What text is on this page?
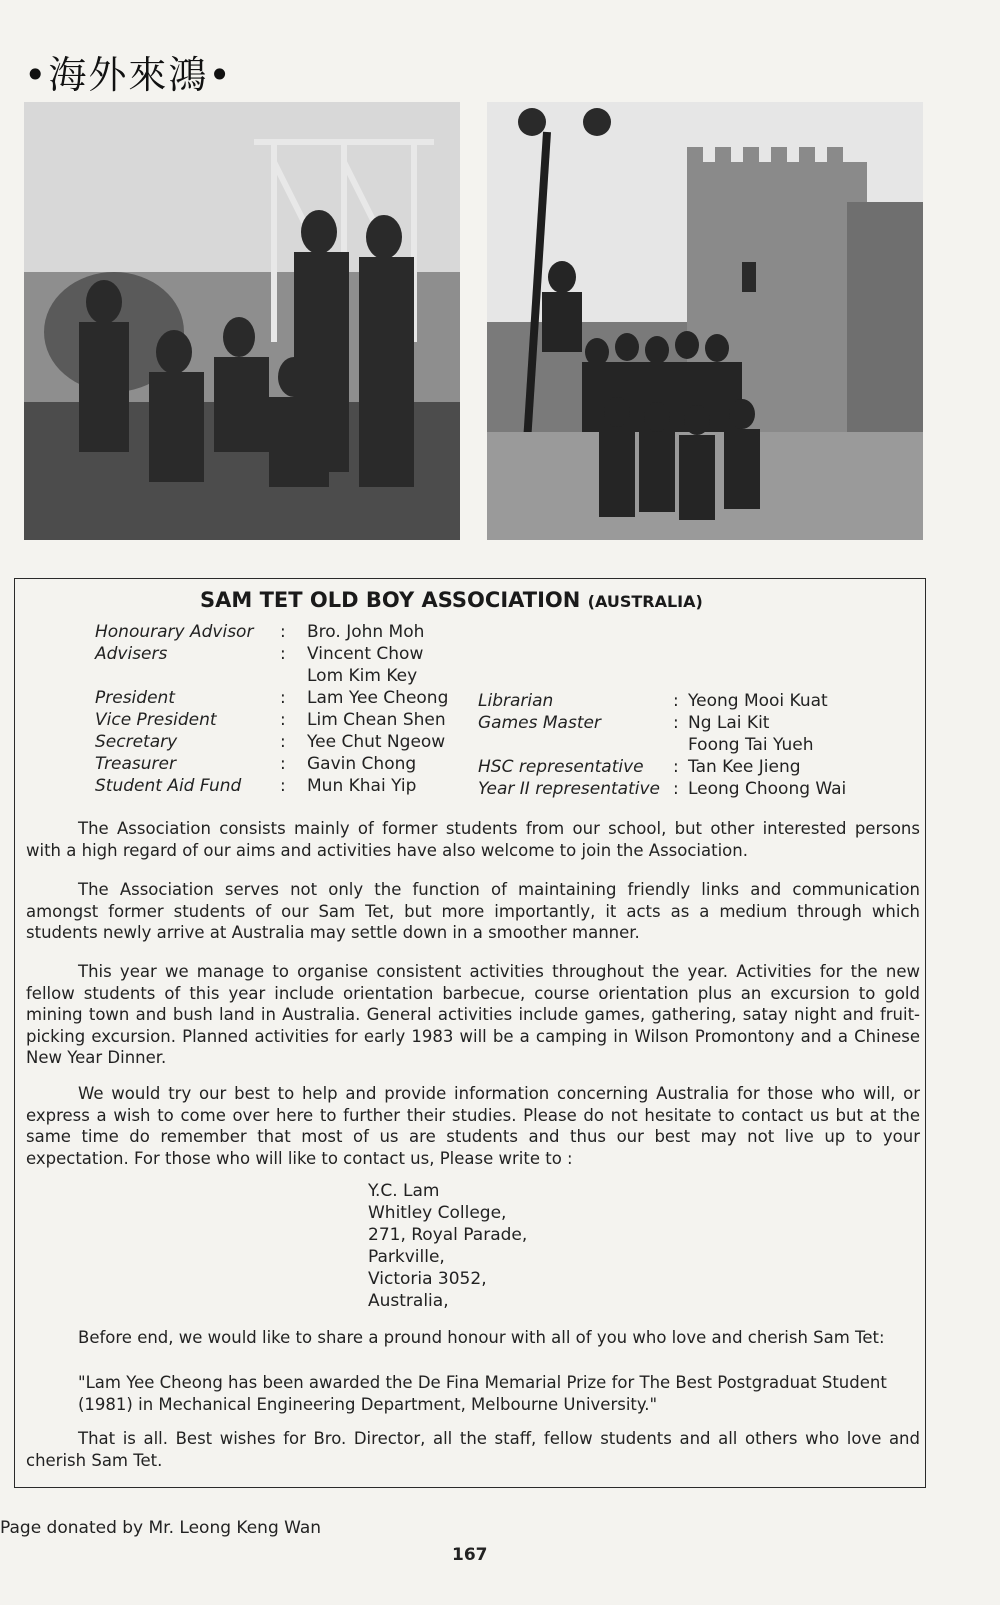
•海外來鴻•
SAM TET OLD BOY ASSOCIATION (AUSTRALIA)
Honourary Advisor : Bro. John Moh
Advisers	: Vincent Chow
Lom Kim Key
President	: Lam Yee Cheong
Vice President	: Lim Chean Shen
Secretary	: Yee Chut Ngeow
Treasurer	: Gavin Chong
Student Aid Fund : Mun Khai Yip
Librarian	: Yeong Mooi Kuat
Games Master	: Ng Lai Kit
Foong Tai Yueh
HSC representative : Tan Kee Jieng
Year II representative : Leong Choong Wai
The Association consists mainly of former students from our school, but other interested persons with a high regard of our aims and activities have also welcome to join the Association.
The Association serves not only the function of maintaining friendly links and communication amongst former students of our Sam Tet, but more importantly, it acts as a medium through which students newly arrive at Australia may settle down in a smoother manner.
This year we manage to organise consistent activities throughout the year. Activities for the new fellow students of this year include orientation barbecue, course orientation plus an excursion to gold mining town and bush land in Australia. General activities include games, gathering, satay night and fruit-picking excursion. Planned activities for early 1983 will be a camping in Wilson Promontony and a Chinese New Year Dinner.
We would try our best to help and provide information concerning Australia for those who will, or express a wish to come over here to further their studies. Please do not hesitate to contact us but at the same time do remember that most of us are students and thus our best may not live up to your expectation. For those who will like to contact us, Please write to :
Y.C. Lam
Whitley College,
271, Royal Parade,
Parkville,
Victoria 3052,
Australia,
Before end, we would like to share a pround honour with all of you who love and cherish Sam Tet:
"Lam Yee Cheong has been awarded the De Fina Memarial Prize for The Best Postgraduat Student (1981) in Mechanical Engineering Department, Melbourne University."
That is all. Best wishes for Bro. Director, all the staff, fellow students and all others who love and cherish Sam Tet.
Page donated by Mr. Leong Keng Wan
167
